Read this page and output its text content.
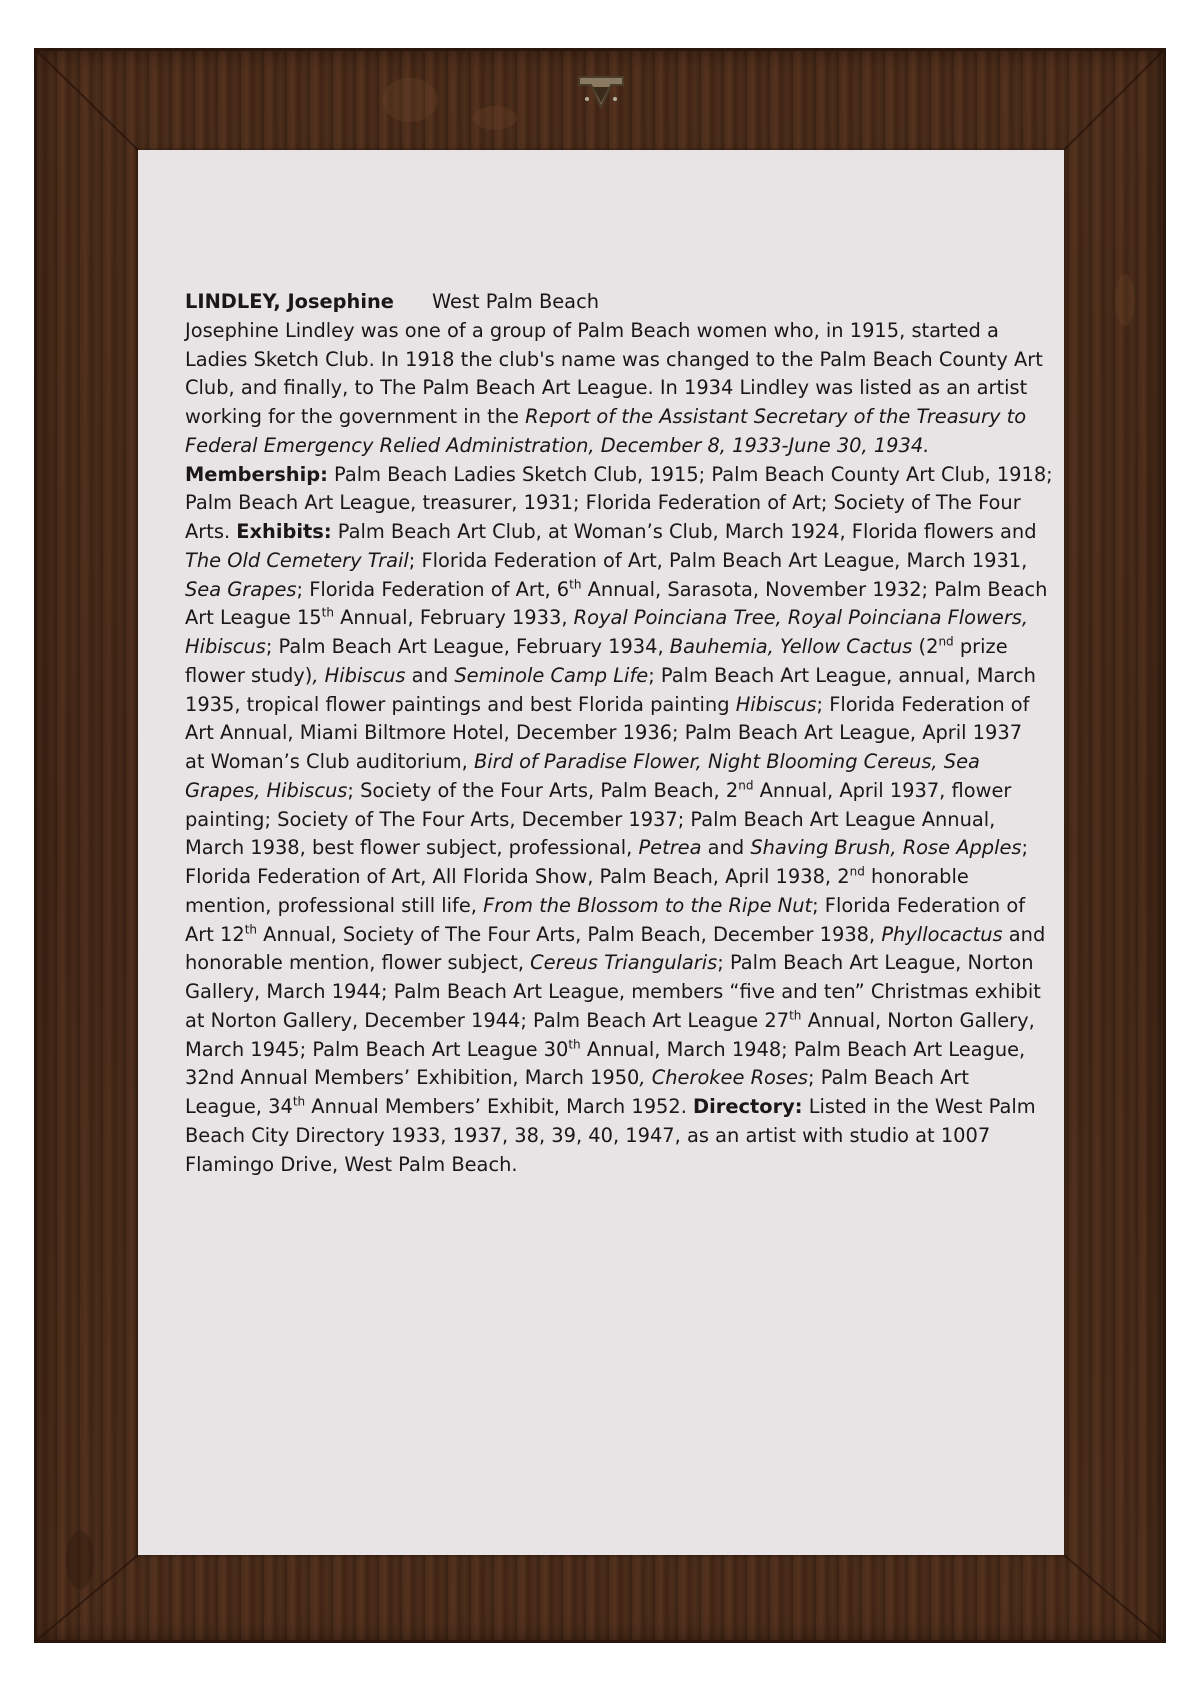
LINDLEY, Josephine West Palm Beach
Josephine Lindley was one of a group of Palm Beach women who, in 1915, started a
Ladies Sketch Club. In 1918 the club's name was changed to the Palm Beach County Art
Club, and finally, to The Palm Beach Art League. In 1934 Lindley was listed as an artist
working for the government in the Report of the Assistant Secretary of the Treasury to
Federal Emergency Relied Administration, December 8, 1933-June 30, 1934.
Membership: Palm Beach Ladies Sketch Club, 1915; Palm Beach County Art Club, 1918;
Palm Beach Art League, treasurer, 1931; Florida Federation of Art; Society of The Four
Arts. Exhibits: Palm Beach Art Club, at Woman’s Club, March 1924, Florida flowers and
The Old Cemetery Trail; Florida Federation of Art, Palm Beach Art League, March 1931,
Sea Grapes; Florida Federation of Art, 6th Annual, Sarasota, November 1932; Palm Beach
Art League 15th Annual, February 1933, Royal Poinciana Tree, Royal Poinciana Flowers,
Hibiscus; Palm Beach Art League, February 1934, Bauhemia, Yellow Cactus (2nd prize
flower study), Hibiscus and Seminole Camp Life; Palm Beach Art League, annual, March
1935, tropical flower paintings and best Florida painting Hibiscus; Florida Federation of
Art Annual, Miami Biltmore Hotel, December 1936; Palm Beach Art League, April 1937
at Woman’s Club auditorium, Bird of Paradise Flower, Night Blooming Cereus, Sea
Grapes, Hibiscus; Society of the Four Arts, Palm Beach, 2nd Annual, April 1937, flower
painting; Society of The Four Arts, December 1937; Palm Beach Art League Annual,
March 1938, best flower subject, professional, Petrea and Shaving Brush, Rose Apples;
Florida Federation of Art, All Florida Show, Palm Beach, April 1938, 2nd honorable
mention, professional still life, From the Blossom to the Ripe Nut; Florida Federation of
Art 12th Annual, Society of The Four Arts, Palm Beach, December 1938, Phyllocactus and
honorable mention, flower subject, Cereus Triangularis; Palm Beach Art League, Norton
Gallery, March 1944; Palm Beach Art League, members “five and ten” Christmas exhibit
at Norton Gallery, December 1944; Palm Beach Art League 27th Annual, Norton Gallery,
March 1945; Palm Beach Art League 30th Annual, March 1948; Palm Beach Art League,
32nd Annual Members’ Exhibition, March 1950, Cherokee Roses; Palm Beach Art
League, 34th Annual Members’ Exhibit, March 1952. Directory: Listed in the West Palm
Beach City Directory 1933, 1937, 38, 39, 40, 1947, as an artist with studio at 1007
Flamingo Drive, West Palm Beach.
